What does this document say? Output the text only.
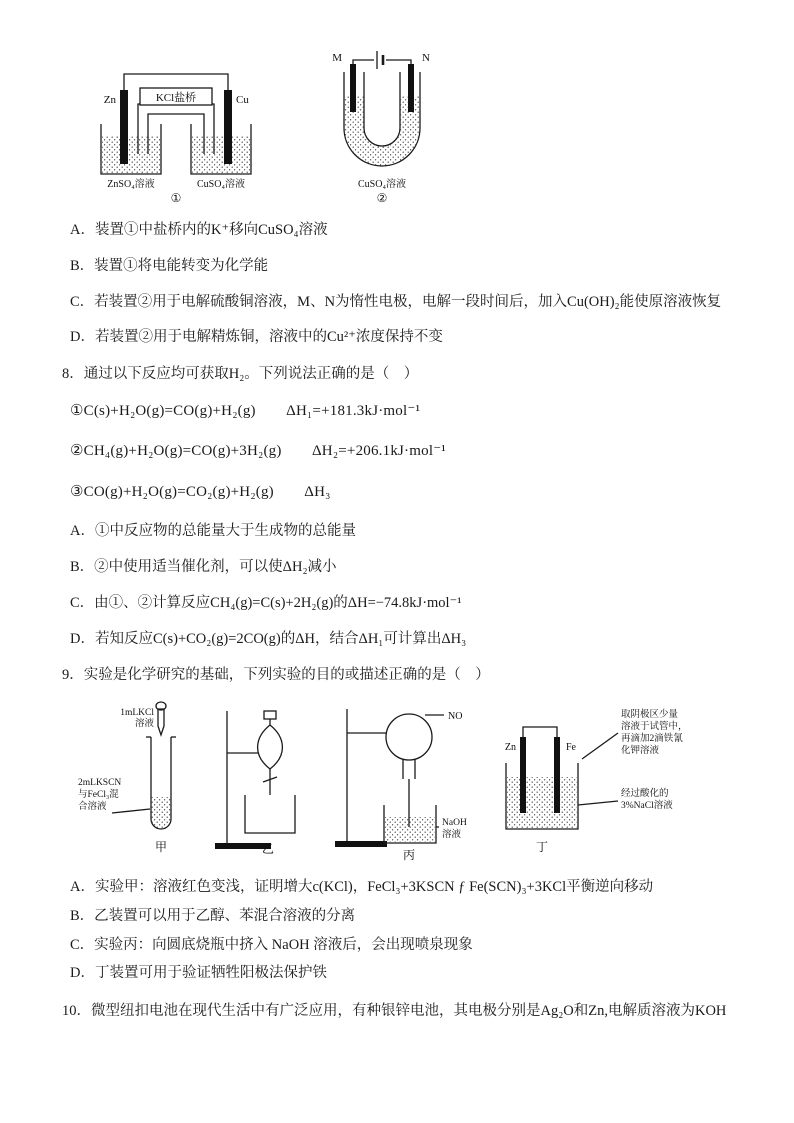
KCl盐桥
Zn	Cu
ZnSO₄溶液	CuSO₄溶液
①
M	N
CuSO₄溶液
②

A．装置①中盐桥内的K⁺移向CuSO₄溶液

B．装置①将电能转变为化学能

C．若装置②用于电解硫酸铜溶液，M、N为惰性电极，电解一段时间后，加入Cu(OH)₂能使原溶液恢复

D．若装置②用于电解精炼铜，溶液中的Cu²⁺浓度保持不变

8．通过以下反应均可获取H₂。下列说法正确的是（　）

①C(s)+H₂O(g)=CO(g)+H₂(g)　　ΔH₁=+181.3kJ·mol⁻¹

②CH₄(g)+H₂O(g)=CO(g)+3H₂(g)　　ΔH₂=+206.1kJ·mol⁻¹

③CO(g)+H₂O(g)=CO₂(g)+H₂(g)　　ΔH₃

A．①中反应物的总能量大于生成物的总能量

B．②中使用适当催化剂，可以使ΔH₂减小

C．由①、②计算反应CH₄(g)=C(s)+2H₂(g)的ΔH=−74.8kJ·mol⁻¹

D．若知反应C(s)+CO₂(g)=2CO(g)的ΔH，结合ΔH₁可计算出ΔH₃

9．实验是化学研究的基础，下列实验的目的或描述正确的是（　）

1mLKCl
溶液
2mLKSCN
与FeCl₃混
合溶液
甲	乙
NO
NaOH
溶液
丙
Zn	Fe
取阴极区少量
溶液于试管中，
再滴加2滴铁氰
化钾溶液
经过酸化的
3%NaCl溶液
丁

A．实验甲：溶液红色变浅，证明增大c(KCl)，FeCl₃+3KSCN ƒ Fe(SCN)₃+3KCl平衡逆向移动

B．乙装置可以用于乙醇、苯混合溶液的分离

C．实验丙：向圆底烧瓶中挤入 NaOH 溶液后，会出现喷泉现象

D．丁装置可用于验证牺牲阳极法保护铁

10．微型纽扣电池在现代生活中有广泛应用，有种银锌电池，其电极分别是Ag₂O和Zn,电解质溶液为KOH
